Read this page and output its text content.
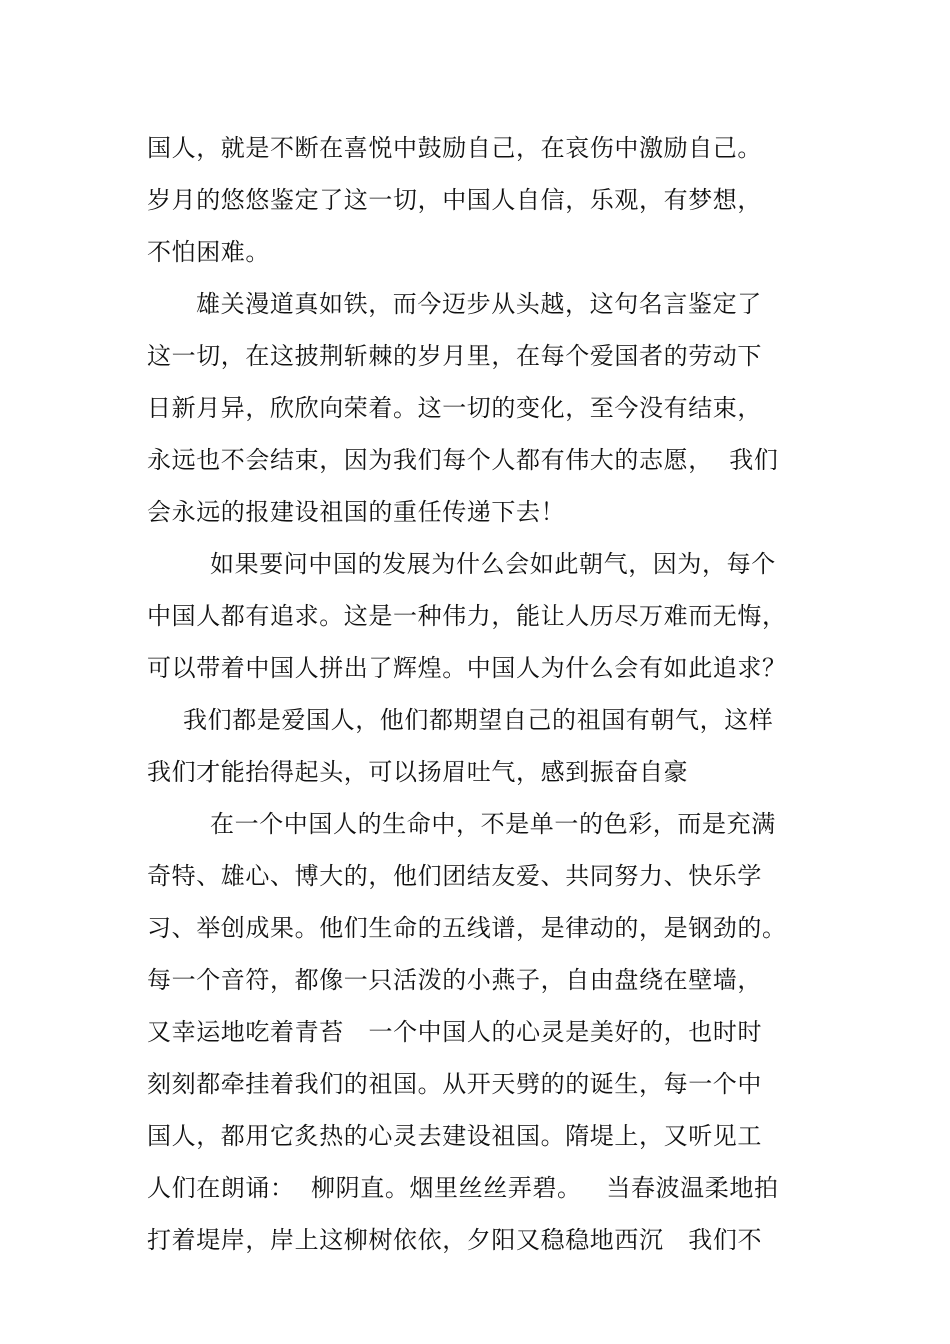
国人，就是不断在喜悦中鼓励自己，在哀伤中激励自己。
岁月的悠悠鉴定了这一切，中国人自信，乐观，有梦想，
不怕困难。
雄关漫道真如铁，而今迈步从头越，这句名言鉴定了
这一切，在这披荆斩棘的岁月里，在每个爱国者的劳动下
日新月异，欣欣向荣着。这一切的变化，至今没有结束，
永远也不会结束，因为我们每个人都有伟大的志愿，  我们
会永远的报建设祖国的重任传递下去！
如果要问中国的发展为什么会如此朝气，因为，每个
中国人都有追求。这是一种伟力，能让人历尽万难而无悔，
可以带着中国人拼出了辉煌。中国人为什么会有如此追求？
我们都是爱国人，他们都期望自己的祖国有朝气，这样
我们才能抬得起头，可以扬眉吐气，感到振奋自豪
在一个中国人的生命中，不是单一的色彩，而是充满
奇特、雄心、博大的，他们团结友爱、共同努力、快乐学
习、举创成果。他们生命的五线谱，是律动的，是钢劲的。
每一个音符，都像一只活泼的小燕子，自由盘绕在壁墙，
又幸运地吃着青苔   一个中国人的心灵是美好的，也时时
刻刻都牵挂着我们的祖国。从开天劈的的诞生，每一个中
国人，都用它炙热的心灵去建设祖国。隋堤上，又听见工
人们在朗诵：  柳阴直。烟里丝丝弄碧。   当春波温柔地拍
打着堤岸，岸上这柳树依依，夕阳又稳稳地西沉   我们不
